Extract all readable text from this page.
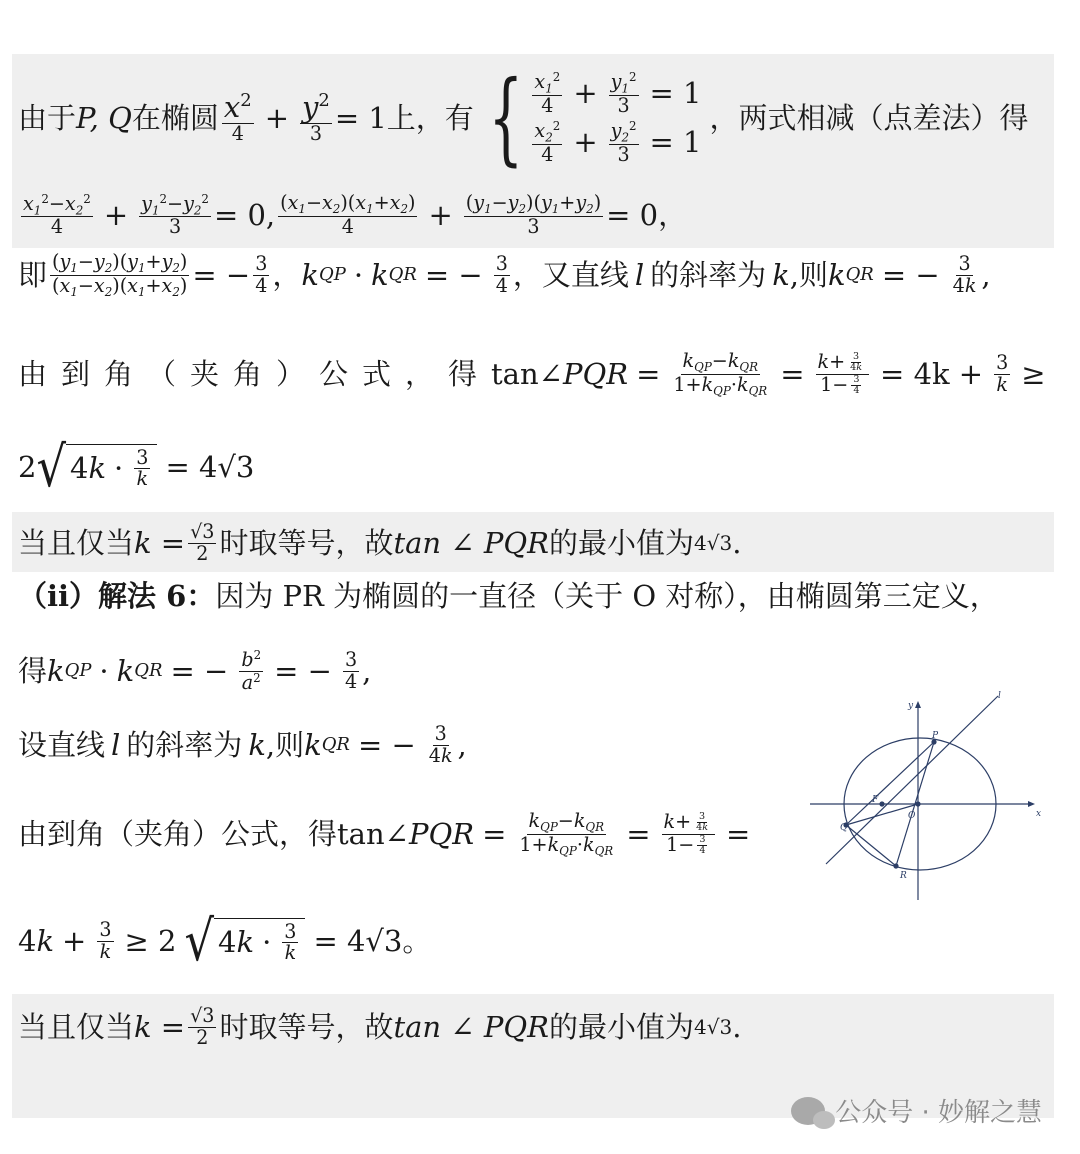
由于 P, Q 在椭圆 $\frac{x^2}{4} + \frac{y^2}{3} = 1$上，有 { $\frac{x_1^2}{4} + \frac{y_1^2}{3} = 1$
$\frac{x_2^2}{4} + \frac{y_2^2}{3} = 1$
，两式相减（点差法）得
$\frac{x_1^2-x_2^2}{4} + \frac{y_1^2-y_2^2}{3} = 0$, $\frac{(x_1-x_2)(x_1+x_2)}{4} + \frac{(y_1-y_2)(y_1+y_2)}{3} = 0$，
即 $\frac{(y_1-y_2)(y_1+y_2)}{(x_1-x_2)(x_1+x_2)}$ = − $\frac{3}{4}$ ， k QP · k QR = − $\frac{3}{4}$ ，又直线 l 的斜率为 k ,则 k QR = − $\frac{3}{4k}$ ,
由到角（夹角）公式，得 tan∠ PQR = $\frac{k_{QP}-k_{QR}}{1+k_{QP}\cdot k_{QR}} = \frac{k+ \frac{3}{4k}}{1- \frac{3}{4}} = 4k + \frac{3}{k}$ ≥
2 √ 4 $k \cdot \frac{3}{k} = 4√3$
当且仅当 $k = \frac{√3}{2}$ 时取等号，故 tan ∠ PQR 的最小值为 4√3 .
（ii）解法 6： 因为 PR 为椭圆的一直径（关于 O 对称），由椭圆第三定义，
得 k QP · k QR = − $\frac{b^2}{a^2}$ = − $\frac{3}{4}$ ,
设直线 l 的斜率为 k ,则 k QR = − $\frac{3}{4k}$ ,
由到角（夹角）公式，得 tan∠ PQR = $\frac{k_{QP}-k_{QR}}{1+k_{QP}\cdot k_{QR}} = \frac{k+ \frac{3}{4k}}{1- \frac{3}{4}}$ =
4 $k + \frac{3}{k} \ge 2$ √ 4 $k \cdot \frac{3}{k} = 4√3$。
当且仅当 $k = \frac{√3}{2}$ 时取等号，故 tan ∠ PQR 的最小值为 4√3 .
y
x
l
P
F
O
Q
R
公众号 · 妙解之慧
